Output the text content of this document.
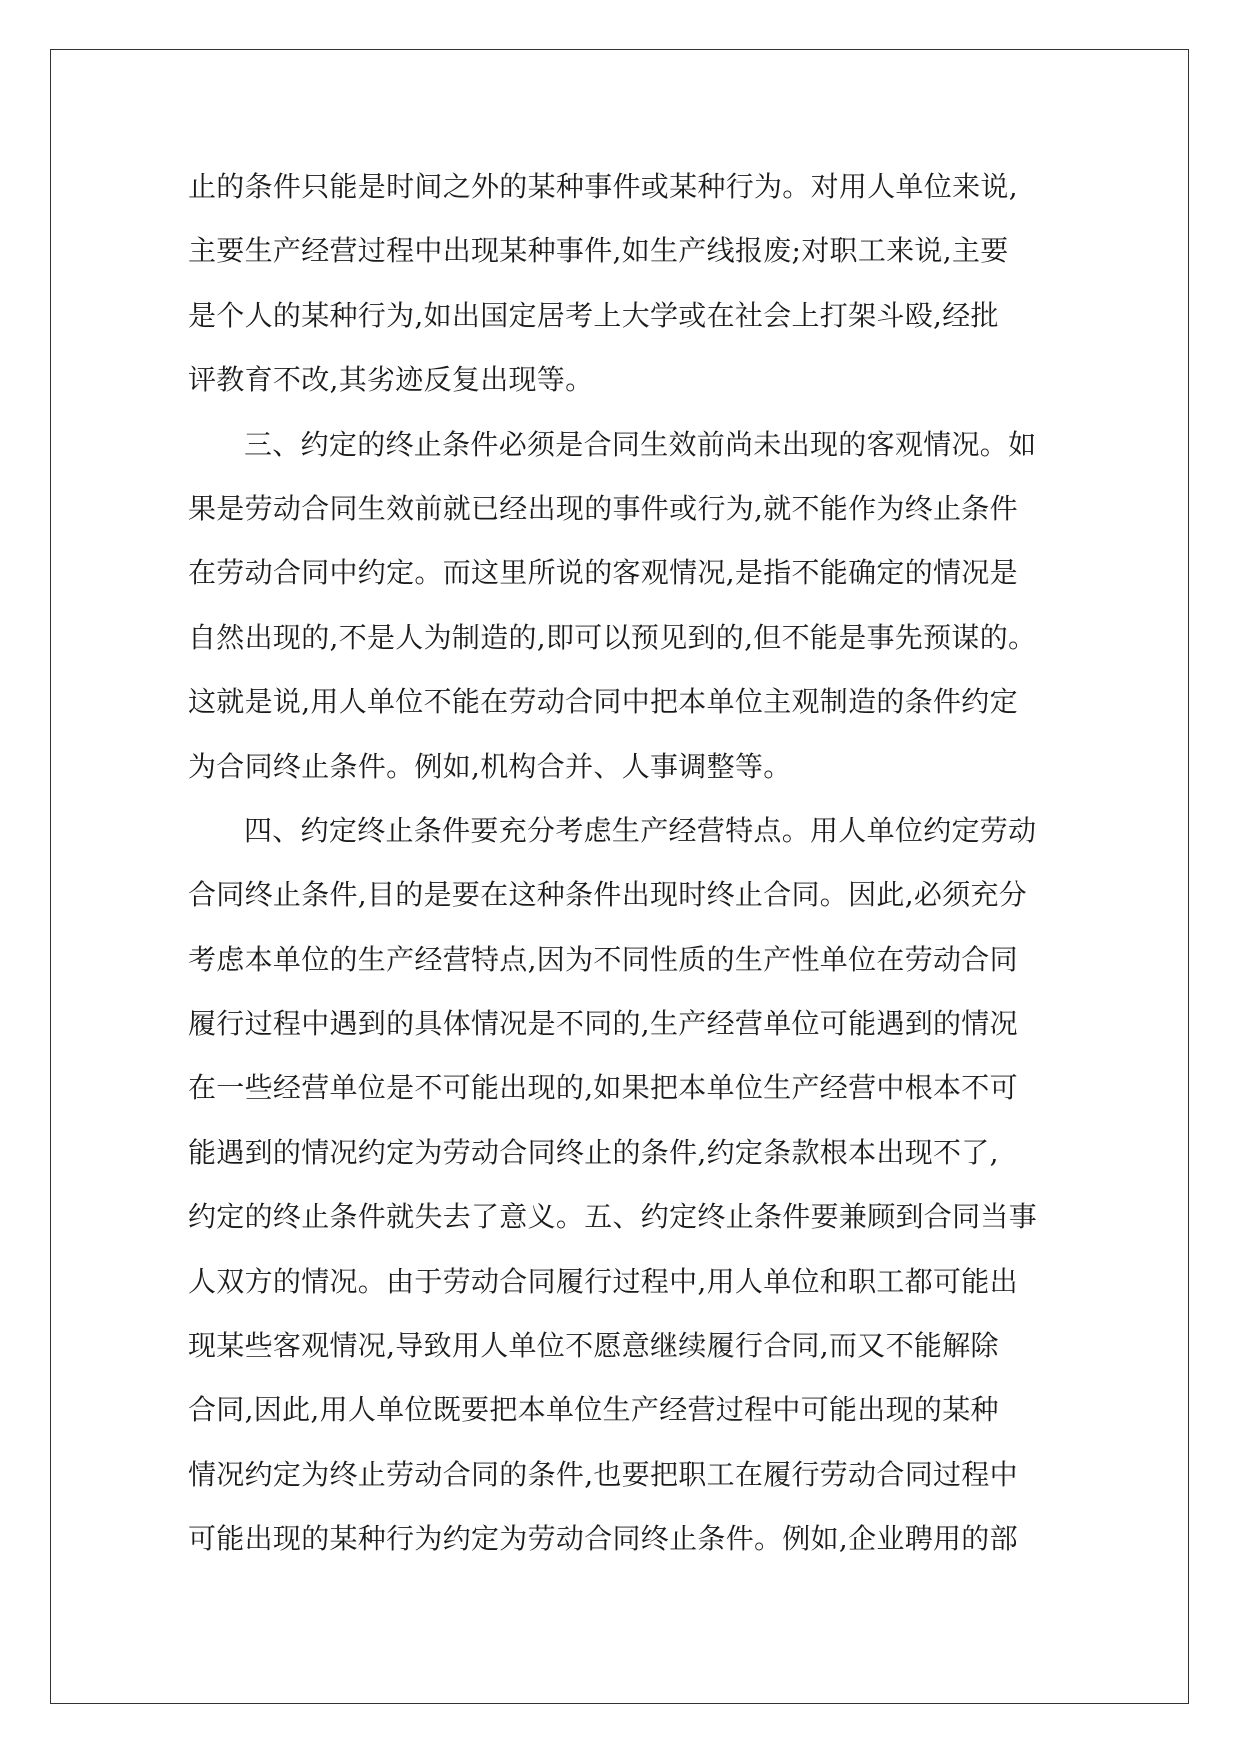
止的条件只能是时间之外的某种事件或某种行为。对用人单位来说,
主要生产经营过程中出现某种事件,如生产线报废;对职工来说,主要
是个人的某种行为,如出国定居考上大学或在社会上打架斗殴,经批
评教育不改,其劣迹反复出现等。
三、约定的终止条件必须是合同生效前尚未出现的客观情况。如
果是劳动合同生效前就已经出现的事件或行为,就不能作为终止条件
在劳动合同中约定。而这里所说的客观情况,是指不能确定的情况是
自然出现的,不是人为制造的,即可以预见到的,但不能是事先预谋的。
这就是说,用人单位不能在劳动合同中把本单位主观制造的条件约定
为合同终止条件。例如,机构合并、人事调整等。
四、约定终止条件要充分考虑生产经营特点。用人单位约定劳动
合同终止条件,目的是要在这种条件出现时终止合同。因此,必须充分
考虑本单位的生产经营特点,因为不同性质的生产性单位在劳动合同
履行过程中遇到的具体情况是不同的,生产经营单位可能遇到的情况
在一些经营单位是不可能出现的,如果把本单位生产经营中根本不可
能遇到的情况约定为劳动合同终止的条件,约定条款根本出现不了,
约定的终止条件就失去了意义。五、约定终止条件要兼顾到合同当事
人双方的情况。由于劳动合同履行过程中,用人单位和职工都可能出
现某些客观情况,导致用人单位不愿意继续履行合同,而又不能解除
合同,因此,用人单位既要把本单位生产经营过程中可能出现的某种
情况约定为终止劳动合同的条件,也要把职工在履行劳动合同过程中
可能出现的某种行为约定为劳动合同终止条件。例如,企业聘用的部
